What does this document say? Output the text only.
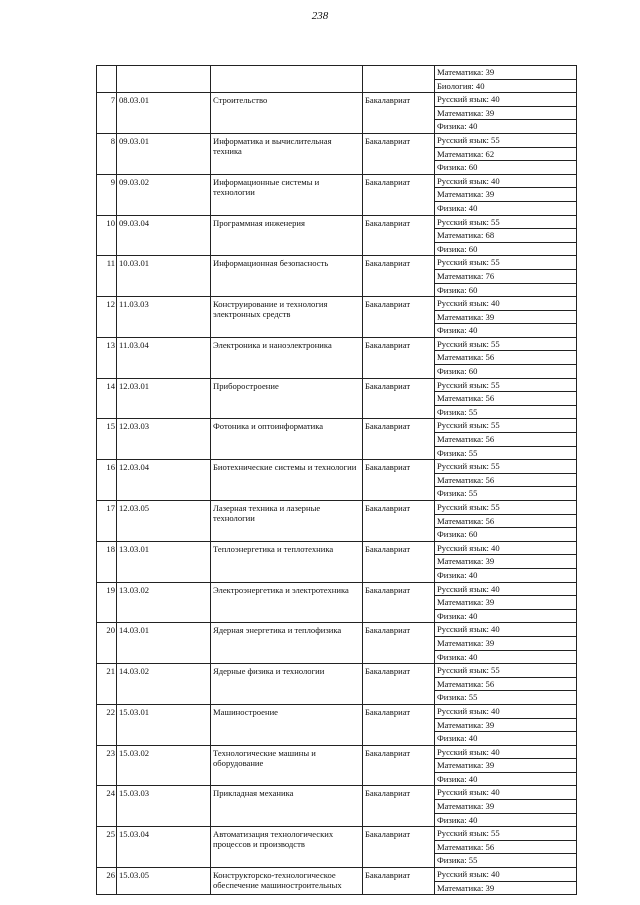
238
				Математика: 39
				Биология: 40
7	08.03.01	Строительство	Бакалавриат	Русский язык: 40
				Математика: 39
				Физика: 40
8	09.03.01	Информатика и вычислительная техника	Бакалавриат	Русский язык: 55
				Математика: 62
				Физика: 60
9	09.03.02	Информационные системы и технологии	Бакалавриат	Русский язык: 40
				Математика: 39
				Физика: 40
10	09.03.04	Программная инженерия	Бакалавриат	Русский язык: 55
				Математика: 68
				Физика: 60
11	10.03.01	Информационная безопасность	Бакалавриат	Русский язык: 55
				Математика: 76
				Физика: 60
12	11.03.03	Конструирование и технология электронных средств	Бакалавриат	Русский язык: 40
				Математика: 39
				Физика: 40
13	11.03.04	Электроника и наноэлектроника	Бакалавриат	Русский язык: 55
				Математика: 56
				Физика: 60
14	12.03.01	Приборостроение	Бакалавриат	Русский язык: 55
				Математика: 56
				Физика: 55
15	12.03.03	Фотоника и оптоинформатика	Бакалавриат	Русский язык: 55
				Математика: 56
				Физика: 55
16	12.03.04	Биотехнические системы и технологии	Бакалавриат	Русский язык: 55
				Математика: 56
				Физика: 55
17	12.03.05	Лазерная техника и лазерные технологии	Бакалавриат	Русский язык: 55
				Математика: 56
				Физика: 60
18	13.03.01	Теплоэнергетика и теплотехника	Бакалавриат	Русский язык: 40
				Математика: 39
				Физика: 40
19	13.03.02	Электроэнергетика и электротехника	Бакалавриат	Русский язык: 40
				Математика: 39
				Физика: 40
20	14.03.01	Ядерная энергетика и теплофизика	Бакалавриат	Русский язык: 40
				Математика: 39
				Физика: 40
21	14.03.02	Ядерные физика и технологии	Бакалавриат	Русский язык: 55
				Математика: 56
				Физика: 55
22	15.03.01	Машиностроение	Бакалавриат	Русский язык: 40
				Математика: 39
				Физика: 40
23	15.03.02	Технологические машины и оборудование	Бакалавриат	Русский язык: 40
				Математика: 39
				Физика: 40
24	15.03.03	Прикладная механика	Бакалавриат	Русский язык: 40
				Математика: 39
				Физика: 40
25	15.03.04	Автоматизация технологических процессов и производств	Бакалавриат	Русский язык: 55
				Математика: 56
				Физика: 55
26	15.03.05	Конструкторско-технологическое обеспечение машиностроительных	Бакалавриат	Русский язык: 40
				Математика: 39
